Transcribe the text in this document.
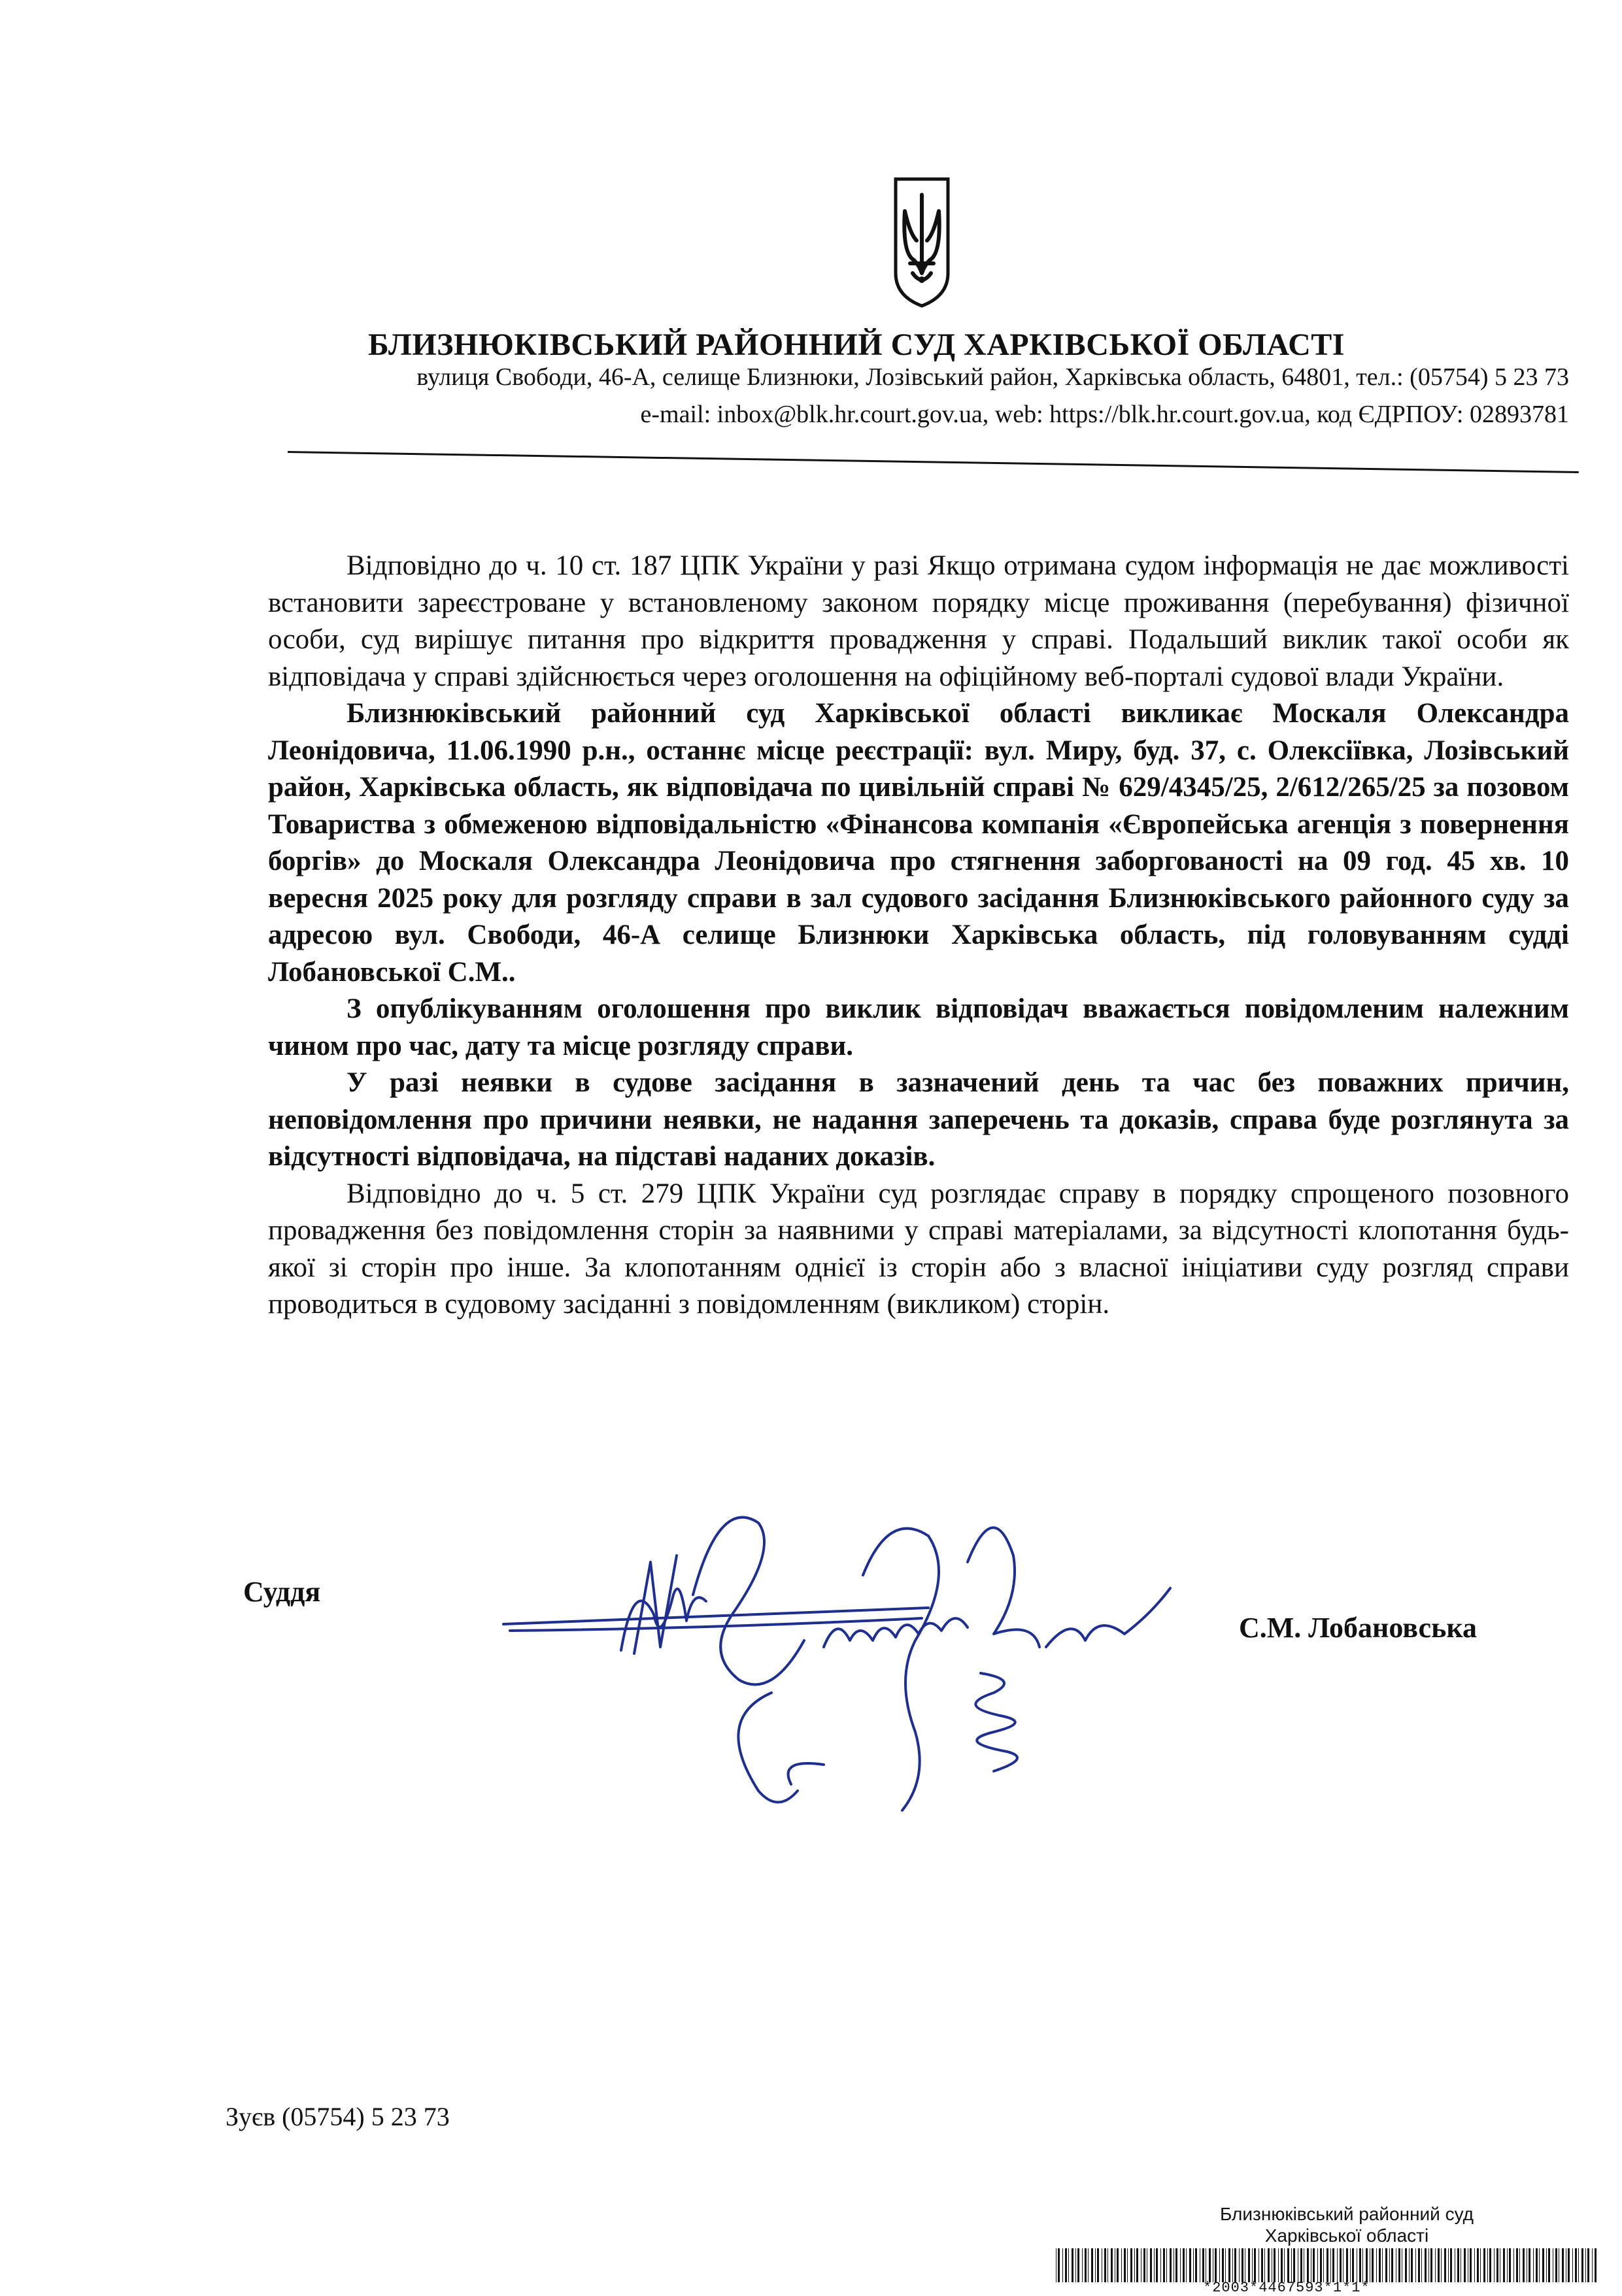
БЛИЗНЮКІВСЬКИЙ РАЙОННИЙ СУД ХАРКІВСЬКОЇ ОБЛАСТІ
вулиця Свободи, 46-А, селище Близнюки, Лозівський район, Харківська область, 64801, тел.: (05754) 5 23 73
e-mail: inbox@blk.hr.court.gov.ua, web: https://blk.hr.court.gov.ua, код ЄДРПОУ: 02893781

Відповідно до ч. 10 ст. 187 ЦПК України у разі Якщо отримана судом інформація не дає можливості встановити зареєстроване у встановленому законом порядку місце проживання (перебування) фізичної особи, суд вирішує питання про відкриття провадження у справі. Подальший виклик такої особи як відповідача у справі здійснюється через оголошення на офіційному веб-порталі судової влади України.

Близнюківський районний суд Харківської області викликає Москаля Олександра Леонідовича, 11.06.1990 р.н., останнє місце реєстрації: вул. Миру, буд. 37, с. Олексіївка, Лозівський район, Харківська область, як відповідача по цивільній справі № 629/4345/25, 2/612/265/25 за позовом Товариства з обмеженою відповідальністю «Фінансова компанія «Європейська агенція з повернення боргів» до Москаля Олександра Леонідовича про стягнення заборгованості на 09 год. 45 хв. 10 вересня 2025 року для розгляду справи в зал судового засідання Близнюківського районного суду за адресою вул. Свободи, 46-А селище Близнюки Харківська область, під головуванням судді Лобановської С.М..

З опублікуванням оголошення про виклик відповідач вважається повідомленим належним чином про час, дату та місце розгляду справи.

У разі неявки в судове засідання в зазначений день та час без поважних причин, неповідомлення про причини неявки, не надання заперечень та доказів, справа буде розглянута за відсутності відповідача, на підставі наданих доказів.

Відповідно до ч. 5 ст. 279 ЦПК України суд розглядає справу в порядку спрощеного позовного провадження без повідомлення сторін за наявними у справі матеріалами, за відсутності клопотання будь-якої зі сторін про інше. За клопотанням однієї із сторін або з власної ініціативи суду розгляд справи проводиться в судовому засіданні з повідомленням (викликом) сторін.

Суддя
С.М. Лобановська
Зуєв (05754) 5 23 73
Близнюківський районний суд
Харківської області
*2003*4467593*1*1*
